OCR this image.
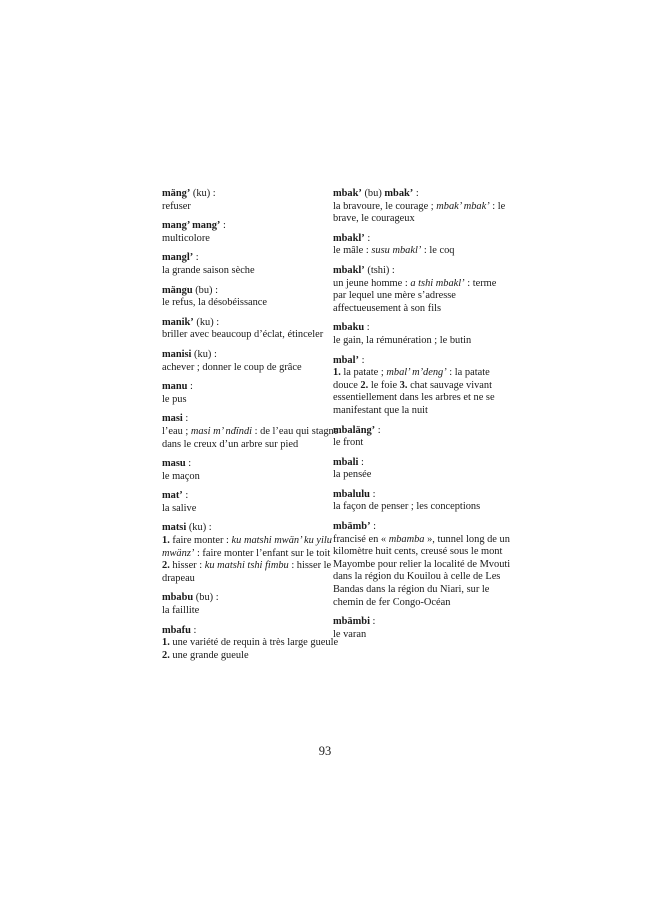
mäng’ (ku) :
refuser
mang’ mang’ :
multicolore
mangl’ :
la grande saison sèche
mängu (bu) :
le refus, la désobéissance
manik’ (ku) :
briller avec beaucoup d’éclat, étinceler
manisi (ku) :
achever ; donner le coup de grâce
manu :
le pus
masi :
l’eau ; masi m’ ndïndi : de l’eau qui stagne dans le creux d’un arbre sur pied
masu :
le maçon
mat’ :
la salive
matsi (ku) :
1. faire monter : ku matshi mwän’ ku yilu mwänz’ : faire monter l’enfant sur le toit 2. hisser : ku matshi tshi fimbu : hisser le drapeau
mbabu (bu) :
la faillite
mbafu :
1. une variété de requin à très large gueule 2. une grande gueule
mbak’ (bu) mbak’ :
la bravoure, le courage ; mbak’ mbak’ : le brave, le courageux
mbakl’ :
le mâle : susu mbakl’ : le coq
mbakl’ (tshi) :
un jeune homme : a tshi mbakl’ : terme par lequel une mère s’adresse affectueusement à son fils
mbaku :
le gain, la rémunération ; le butin
mbal’ :
1. la patate ; mbal’ m’deng’ : la patate douce 2. le foie 3. chat sauvage vivant essentiellement dans les arbres et ne se manifestant que la nuit
mbaläng’ :
le front
mbali :
la pensée
mbalulu :
la façon de penser ; les conceptions
mbämb’ :
francisé en « mbamba », tunnel long de un kilomètre huit cents, creusé sous le mont Mayombe pour relier la localité de Mvouti dans la région du Kouilou à celle de Les Bandas dans la région du Niari, sur le chemin de fer Congo-Océan
mbämbi :
le varan
93
